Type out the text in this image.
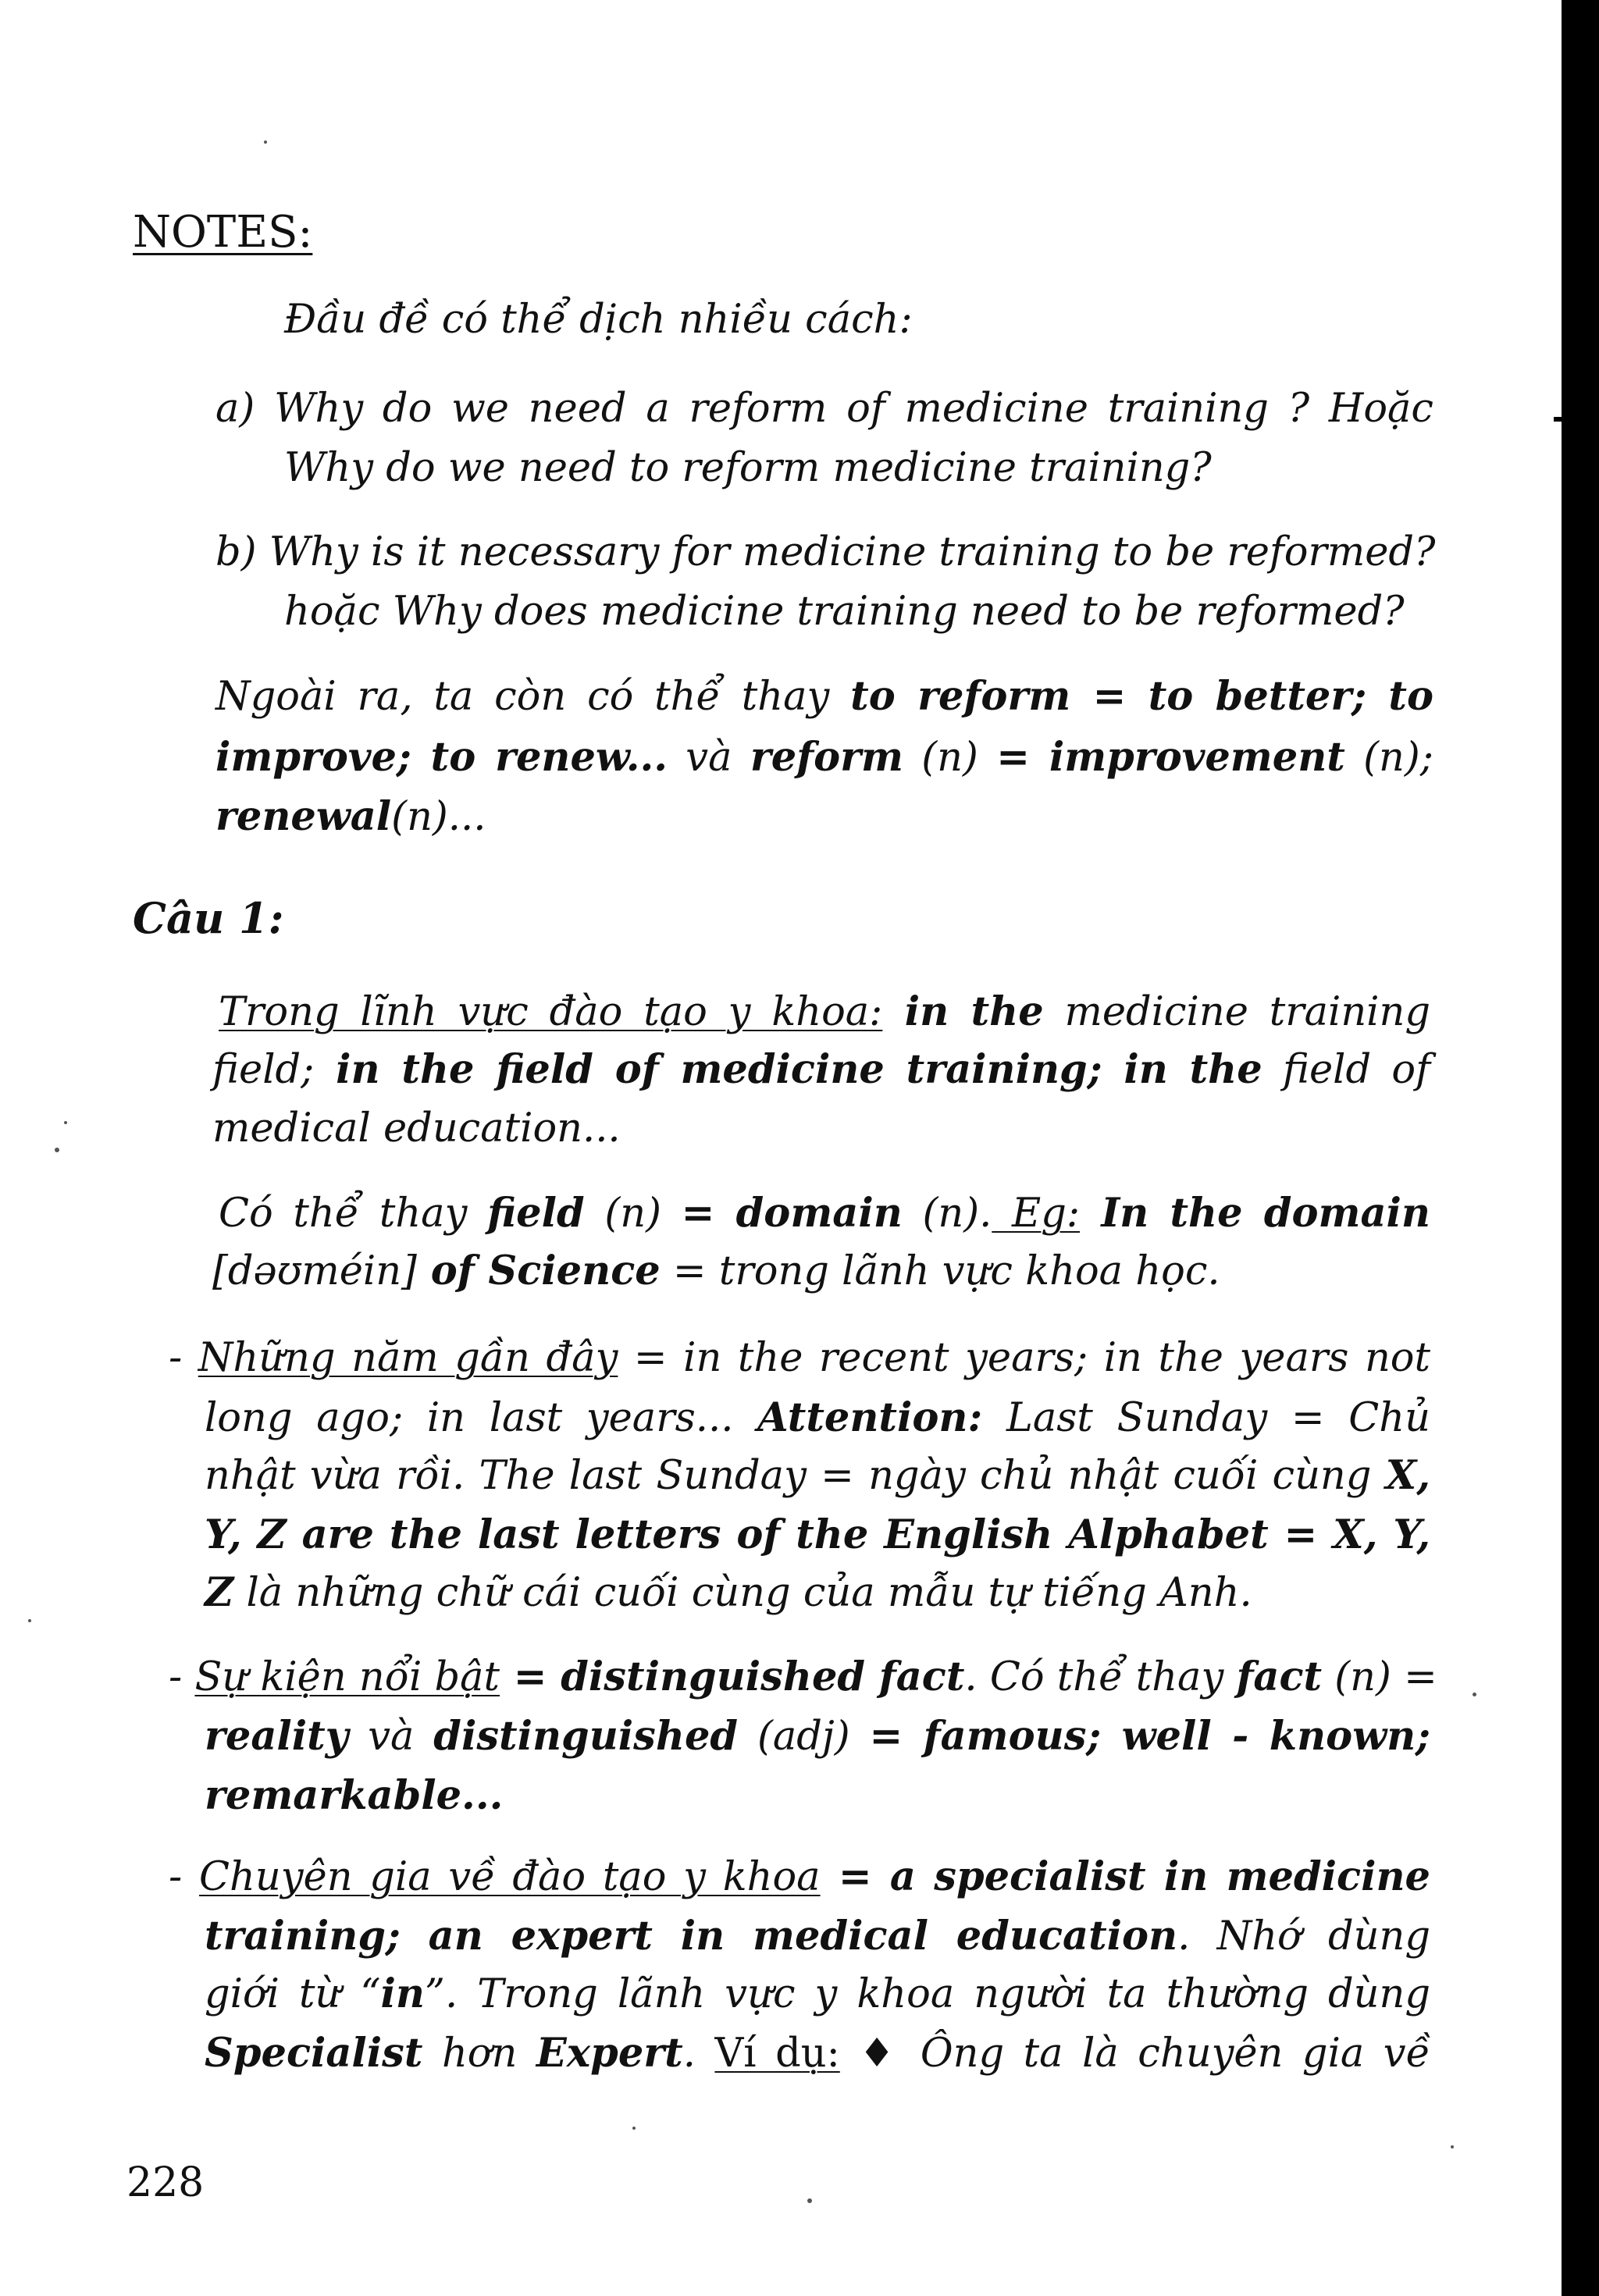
NOTES:
Đầu đề có thể dịch nhiều cách:
a) Why do we need a reform of medicine training ? Hoặc
Why do we need to reform medicine training?
b) Why is it necessary for medicine training to be reformed?
hoặc Why does medicine training need to be reformed?
Ngoài ra, ta còn có thể thay to reform = to better; to
improve; to renew... và reform (n) = improvement (n);
renewal(n)...
Câu 1:
Trong lĩnh vực đào tạo y khoa: in the medicine training
field; in the field of medicine training; in the field of
medical education...
Có thể thay field (n) = domain (n). Eg: In the domain
[dəʊméin] of Science = trong lãnh vực khoa học.
- Những năm gần đây = in the recent years; in the years not
long ago; in last years... Attention: Last Sunday = Chủ
nhật vừa rồi. The last Sunday = ngày chủ nhật cuối cùng X,
Y, Z are the last letters of the English Alphabet = X, Y,
Z là những chữ cái cuối cùng của mẫu tự tiếng Anh.
- Sự kiện nổi bật = distinguished fact. Có thể thay fact (n) =
reality và distinguished (adj) = famous; well - known;
remarkable...
- Chuyên gia về đào tạo y khoa = a specialist in medicine
training; an expert in medical education. Nhớ dùng
giới từ “in”. Trong lãnh vực y khoa người ta thường dùng
Specialist hơn Expert. Ví dụ: ♦ Ông ta là chuyên gia về
228
